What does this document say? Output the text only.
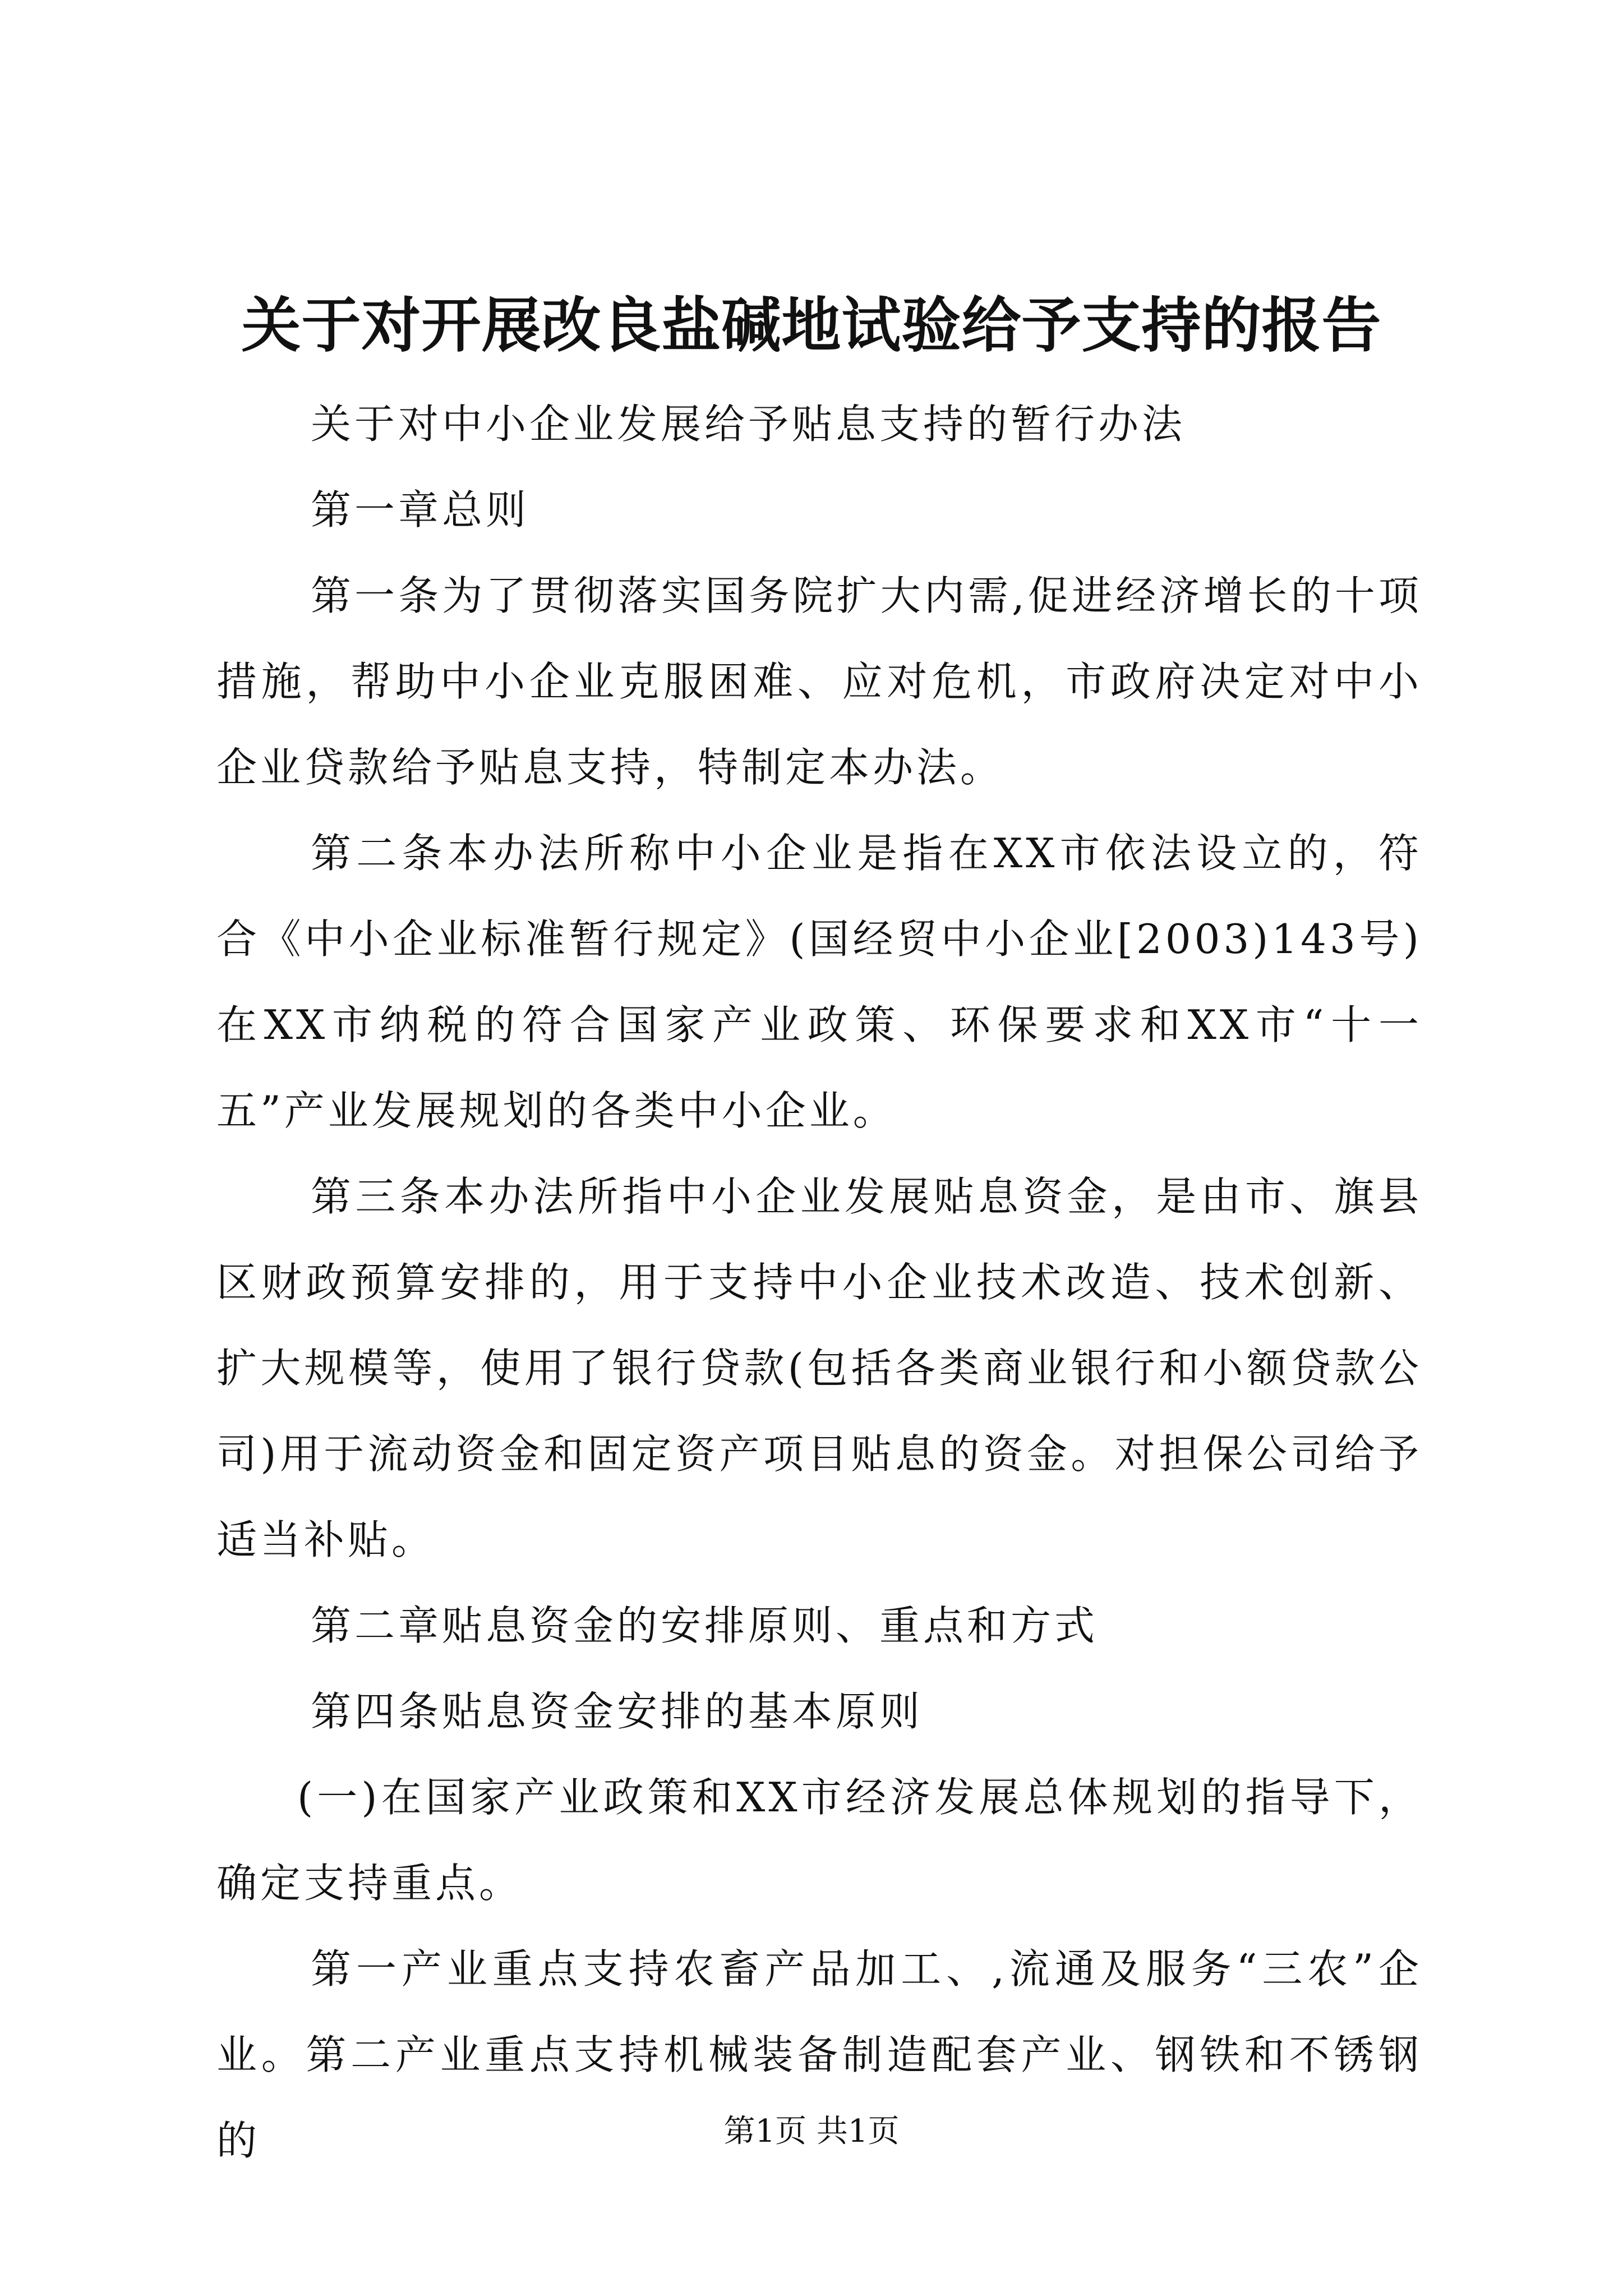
关于对开展改良盐碱地试验给予支持的报告

关于对中小企业发展给予贴息支持的暂行办法

第一章总则

第一条为了贯彻落实国务院扩大内需,促进经济增长的十项措施，帮助中小企业克服困难、应对危机，市政府决定对中小企业贷款给予贴息支持，特制定本办法。

第二条本办法所称中小企业是指在XX市依法设立的，符合《中小企业标准暂行规定》(国经贸中小企业[2003)143号)在XX市纳税的符合国家产业政策、环保要求和XX市“十一五”产业发展规划的各类中小企业。

第三条本办法所指中小企业发展贴息资金，是由市、旗县区财政预算安排的，用于支持中小企业技术改造、技术创新、扩大规模等，使用了银行贷款(包括各类商业银行和小额贷款公司)用于流动资金和固定资产项目贴息的资金。对担保公司给予适当补贴。

第二章贴息资金的安排原则、重点和方式

第四条贴息资金安排的基本原则

(一)在国家产业政策和XX市经济发展总体规划的指导下，确定支持重点。

第一产业重点支持农畜产品加工、,流通及服务“三农”企业。第二产业重点支持机械装备制造配套产业、钢铁和不锈钢的	第1页 共1页
